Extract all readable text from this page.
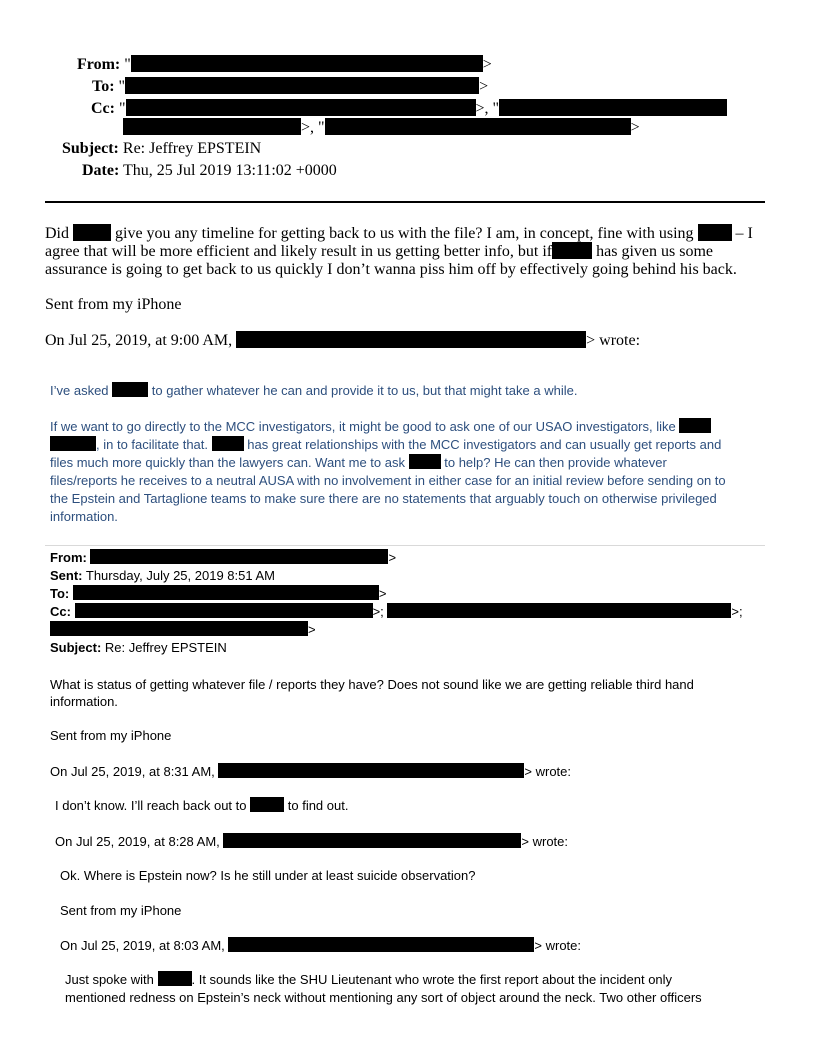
From: "	>
To: "	>
Cc: "	>, "
>, "	>
Subject: Re: Jeffrey EPSTEIN
Date: Thu, 25 Jul 2019 13:11:02 +0000
Did	give you any timeline for getting back to us with the file? I am, in concept, fine with using	– I
agree that will be more efficient and likely result in us getting better info, but if	has given us some
assurance is going to get back to us quickly I don’t wanna piss him off by effectively going behind his back.
Sent from my iPhone
On Jul 25, 2019, at 9:00 AM,	> wrote:
I’ve asked	to gather whatever he can and provide it to us, but that might take a while.
If we want to go directly to the MCC investigators, it might be good to ask one of our USAO investigators, like
, in to facilitate that.	has great relationships with the MCC investigators and can usually get reports and
files much more quickly than the lawyers can. Want me to ask	to help? He can then provide whatever
files/reports he receives to a neutral AUSA with no involvement in either case for an initial review before sending on to
the Epstein and Tartaglione teams to make sure there are no statements that arguably touch on otherwise privileged
information.
From:	>
Sent: Thursday, July 25, 2019 8:51 AM
To:	>
Cc:	>;	>;
>
Subject: Re: Jeffrey EPSTEIN
What is status of getting whatever file / reports they have? Does not sound like we are getting reliable third hand
information.
Sent from my iPhone
On Jul 25, 2019, at 8:31 AM,	> wrote:
I don’t know. I’ll reach back out to	to find out.
On Jul 25, 2019, at 8:28 AM,	> wrote:
Ok. Where is Epstein now? Is he still under at least suicide observation?
Sent from my iPhone
On Jul 25, 2019, at 8:03 AM,	> wrote:
Just spoke with	. It sounds like the SHU Lieutenant who wrote the first report about the incident only
mentioned redness on Epstein’s neck without mentioning any sort of object around the neck. Two other officers
